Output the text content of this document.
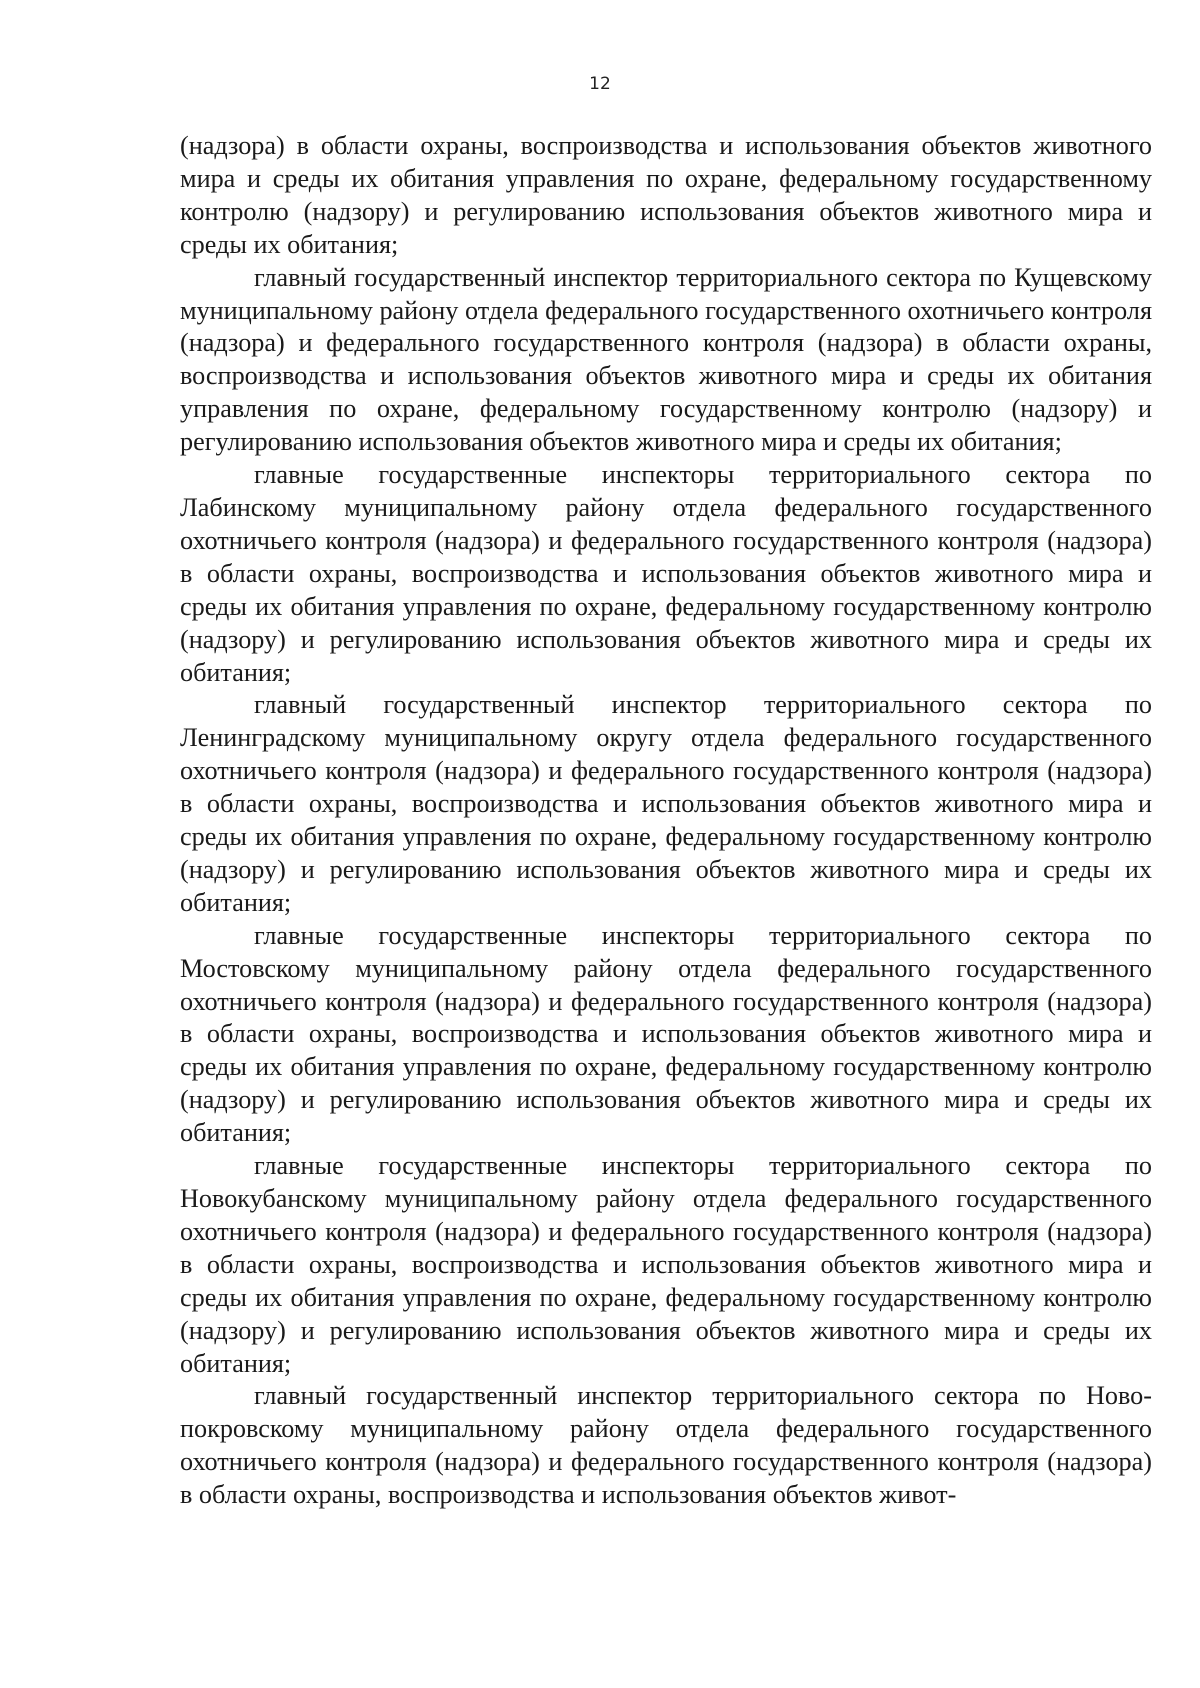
12

(надзора) в области охраны, воспроизводства и использования объектов животного мира и среды их обитания управления по охране, федеральному государственному контролю (надзору) и регулированию использования объектов животного мира и среды их обитания;

главный государственный инспектор территориального сектора по Кущевскому муниципальному району отдела федерального государственного охотничьего контроля (надзора) и федерального государственного контроля (надзора) в области охраны, воспроизводства и использования объектов животного мира и среды их обитания управления по охране, федеральному государственному контролю (надзору) и регулированию использования объектов животного мира и среды их обитания;

главные государственные инспекторы территориального сектора по Лабинскому муниципальному району отдела федерального государственного охотничьего контроля (надзора) и федерального государственного контроля (надзора) в области охраны, воспроизводства и использования объектов животного мира и среды их обитания управления по охране, федеральному государственному контролю (надзору) и регулированию использования объектов животного мира и среды их обитания;

главный государственный инспектор территориального сектора по Ленинградскому муниципальному округу отдела федерального государственного охотничьего контроля (надзора) и федерального государственного контроля (надзора) в области охраны, воспроизводства и использования объектов животного мира и среды их обитания управления по охране, федеральному государственному контролю (надзору) и регулированию использования объектов животного мира и среды их обитания;

главные государственные инспекторы территориального сектора по Мостовскому муниципальному району отдела федерального государственного охотничьего контроля (надзора) и федерального государственного контроля (надзора) в области охраны, воспроизводства и использования объектов животного мира и среды их обитания управления по охране, федеральному государственному контролю (надзору) и регулированию использования объектов животного мира и среды их обитания;

главные государственные инспекторы территориального сектора по Новокубанскому муниципальному району отдела федерального государственного охотничьего контроля (надзора) и федерального государственного контроля (надзора) в области охраны, воспроизводства и использования объектов животного мира и среды их обитания управления по охране, федеральному государственному контролю (надзору) и регулированию использования объектов животного мира и среды их обитания;

главный государственный инспектор территориального сектора по Новопокровскому муниципальному району отдела федерального государственного охотничьего контроля (надзора) и федерального государственного контроля (надзора) в области охраны, воспроизводства и использования объектов живот-
